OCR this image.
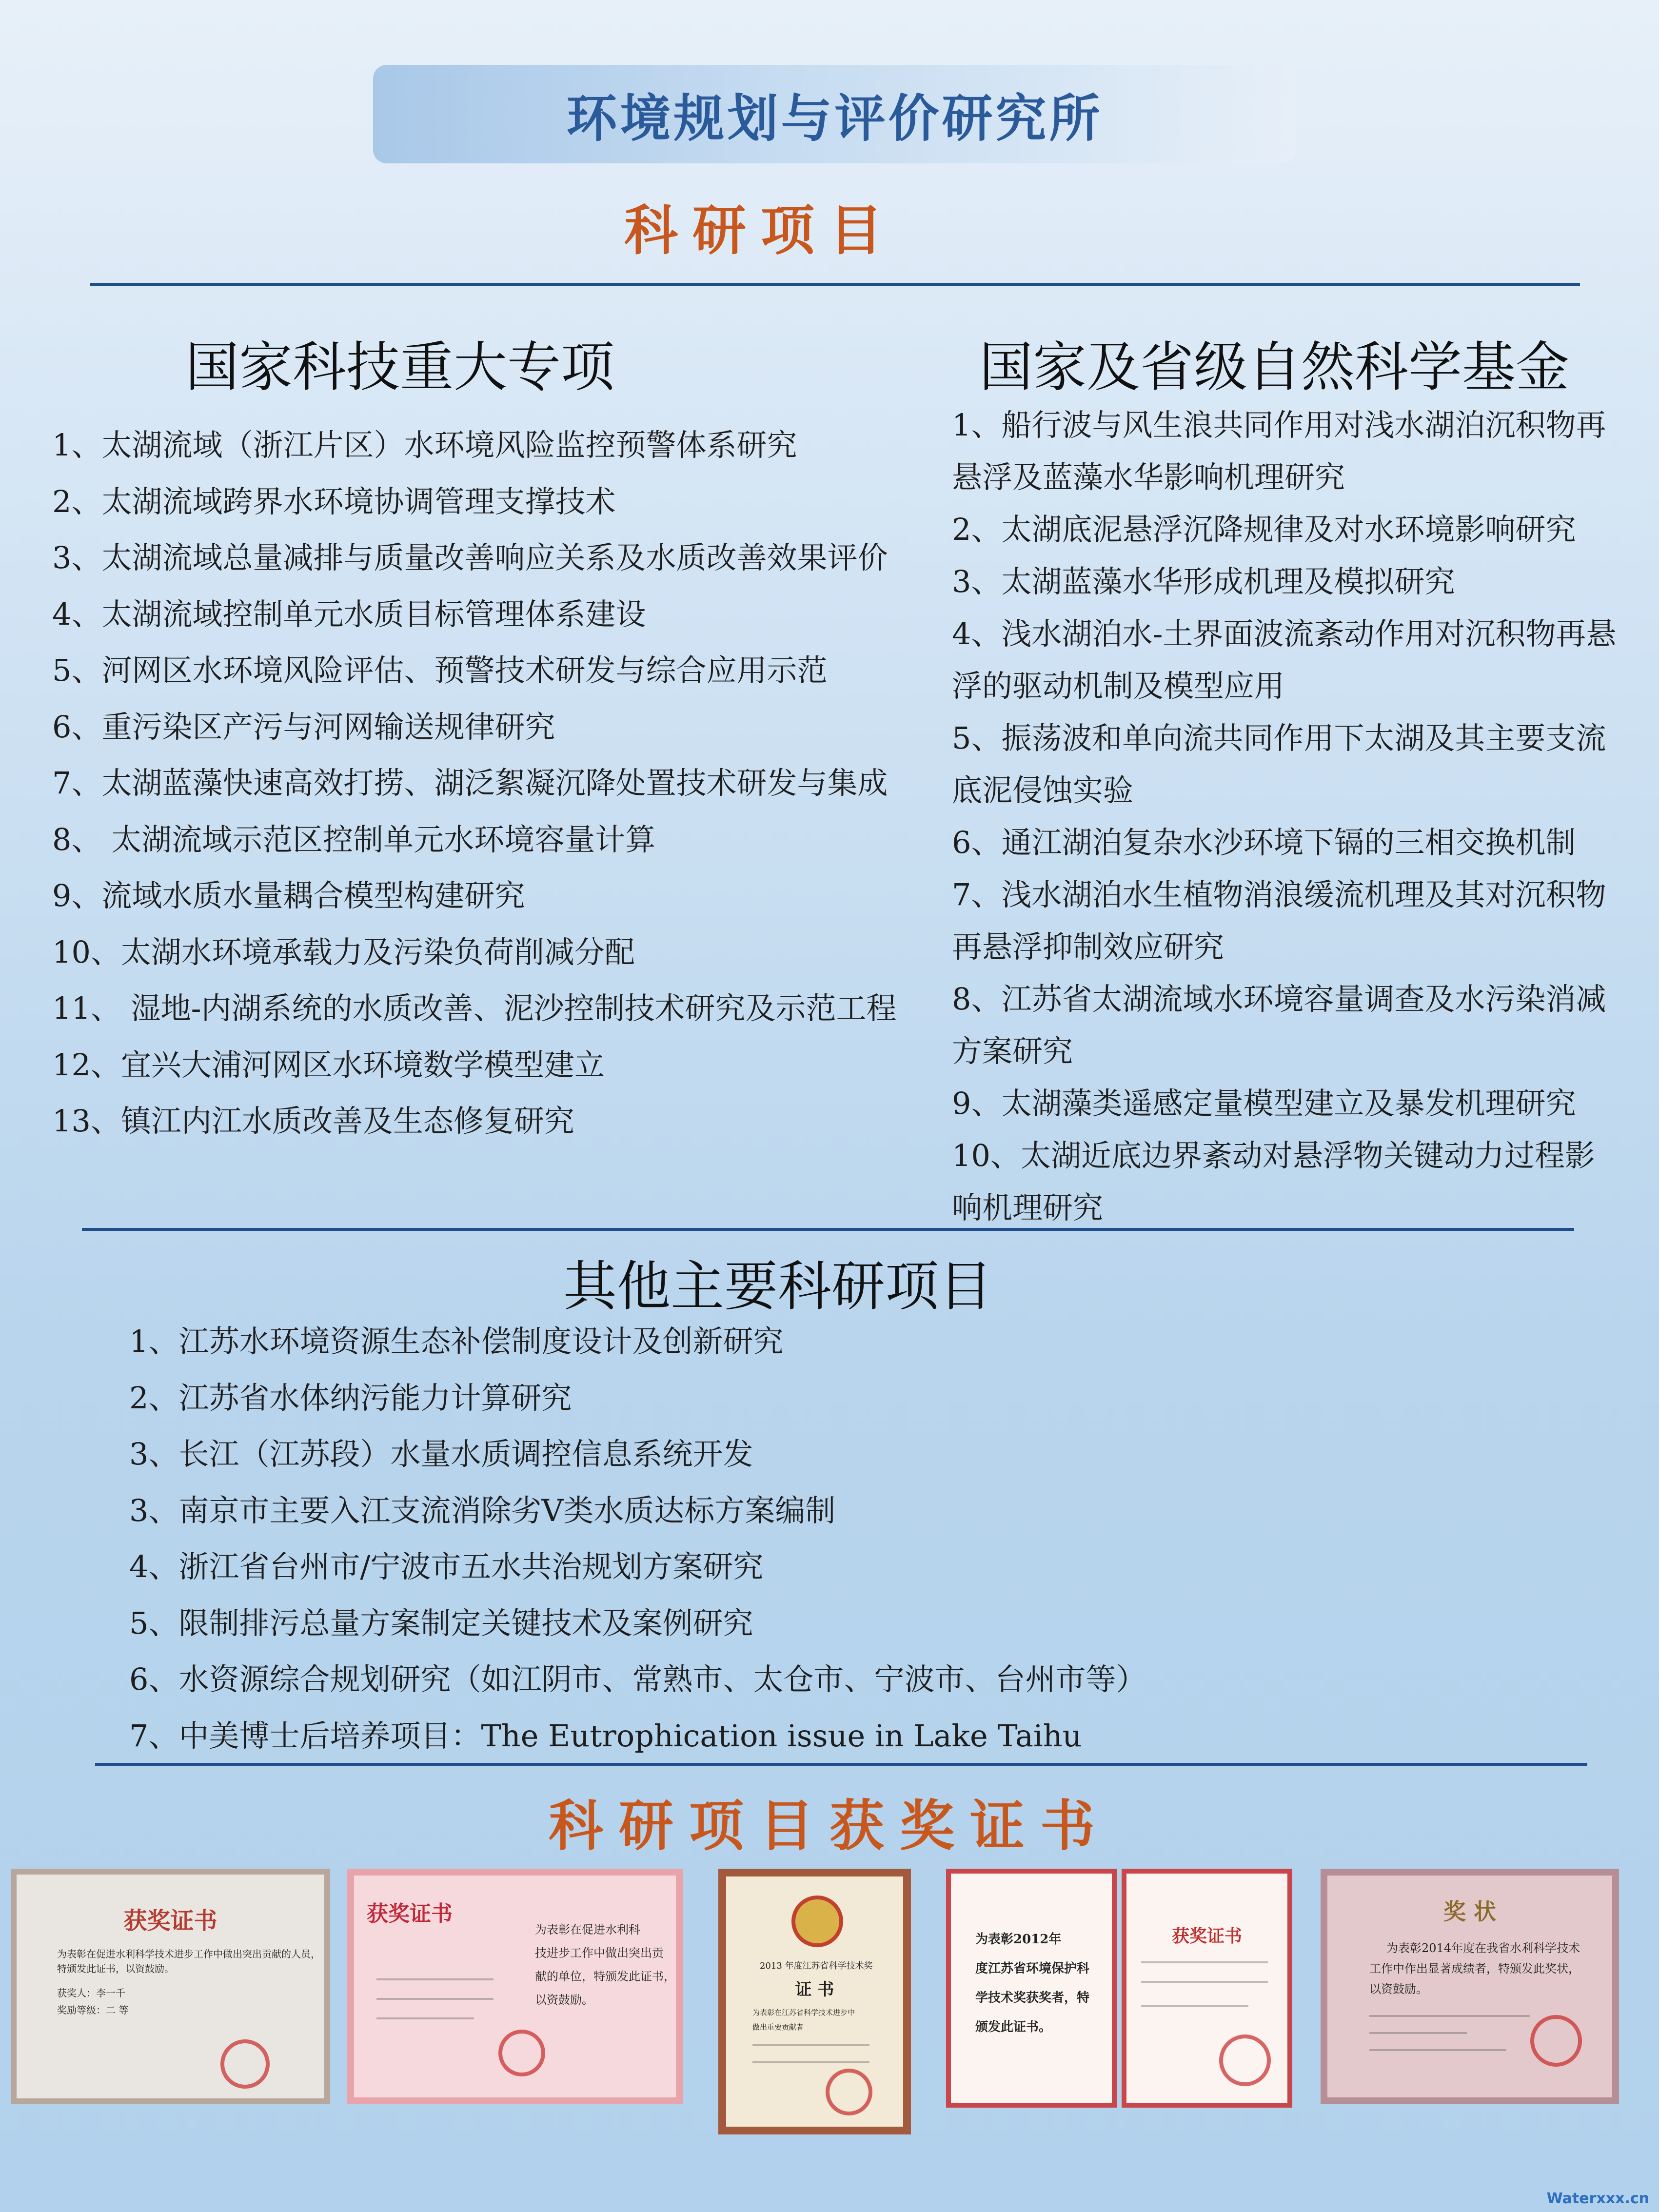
环境规划与评价研究所
科研项目
国家科技重大专项
1、太湖流域（浙江片区）水环境风险监控预警体系研究
2、太湖流域跨界水环境协调管理支撑技术
3、太湖流域总量减排与质量改善响应关系及水质改善效果评价
4、太湖流域控制单元水质目标管理体系建设
5、河网区水环境风险评估、预警技术研发与综合应用示范
6、重污染区产污与河网输送规律研究
7、太湖蓝藻快速高效打捞、湖泛絮凝沉降处置技术研发与集成
8、 太湖流域示范区控制单元水环境容量计算
9、流域水质水量耦合模型构建研究
10、太湖水环境承载力及污染负荷削减分配
11、 湿地-内湖系统的水质改善、泥沙控制技术研究及示范工程
12、宜兴大浦河网区水环境数学模型建立
13、镇江内江水质改善及生态修复研究
国家及省级自然科学基金
1、船行波与风生浪共同作用对浅水湖泊沉积物再悬浮及蓝藻水华影响机理研究
2、太湖底泥悬浮沉降规律及对水环境影响研究
3、太湖蓝藻水华形成机理及模拟研究
4、浅水湖泊水-土界面波流紊动作用对沉积物再悬浮的驱动机制及模型应用
5、振荡波和单向流共同作用下太湖及其主要支流底泥侵蚀实验
6、通江湖泊复杂水沙环境下镉的三相交换机制
7、浅水湖泊水生植物消浪缓流机理及其对沉积物再悬浮抑制效应研究
8、江苏省太湖流域水环境容量调查及水污染消减方案研究
9、太湖藻类遥感定量模型建立及暴发机理研究
10、太湖近底边界紊动对悬浮物关键动力过程影响机理研究
其他主要科研项目
1、江苏水环境资源生态补偿制度设计及创新研究
2、江苏省水体纳污能力计算研究
3、长江（江苏段）水量水质调控信息系统开发
3、南京市主要入江支流消除劣V类水质达标方案编制
4、浙江省台州市/宁波市五水共治规划方案研究
5、限制排污总量方案制定关键技术及案例研究
6、水资源综合规划研究（如江阴市、常熟市、太仓市、宁波市、台州市等）
7、中美博士后培养项目：The Eutrophication issue in Lake Taihu
科研项目获奖证书
获奖证书
为表彰在促进水利科学技术进步工作中做出突出贡献的人员，
特颁发此证书，以资鼓励。
获奖人：李一千
奖励等级：二 等
获奖证书
为表彰在促进水利科
技进步工作中做出突出贡
献的单位，特颁发此证书，
以资鼓励。
2013 年度江苏省科学技术奖
证 书
为表彰在江苏省科学技术进步中
做出重要贡献者
为表彰2012年
度江苏省环境保护科
学技术奖获奖者，特
颁发此证书。
获奖证书
奖 状
为表彰2014年度在我省水利科学技术
工作中作出显著成绩者，特颁发此奖状，
以资鼓励。
Waterxxx.cn
